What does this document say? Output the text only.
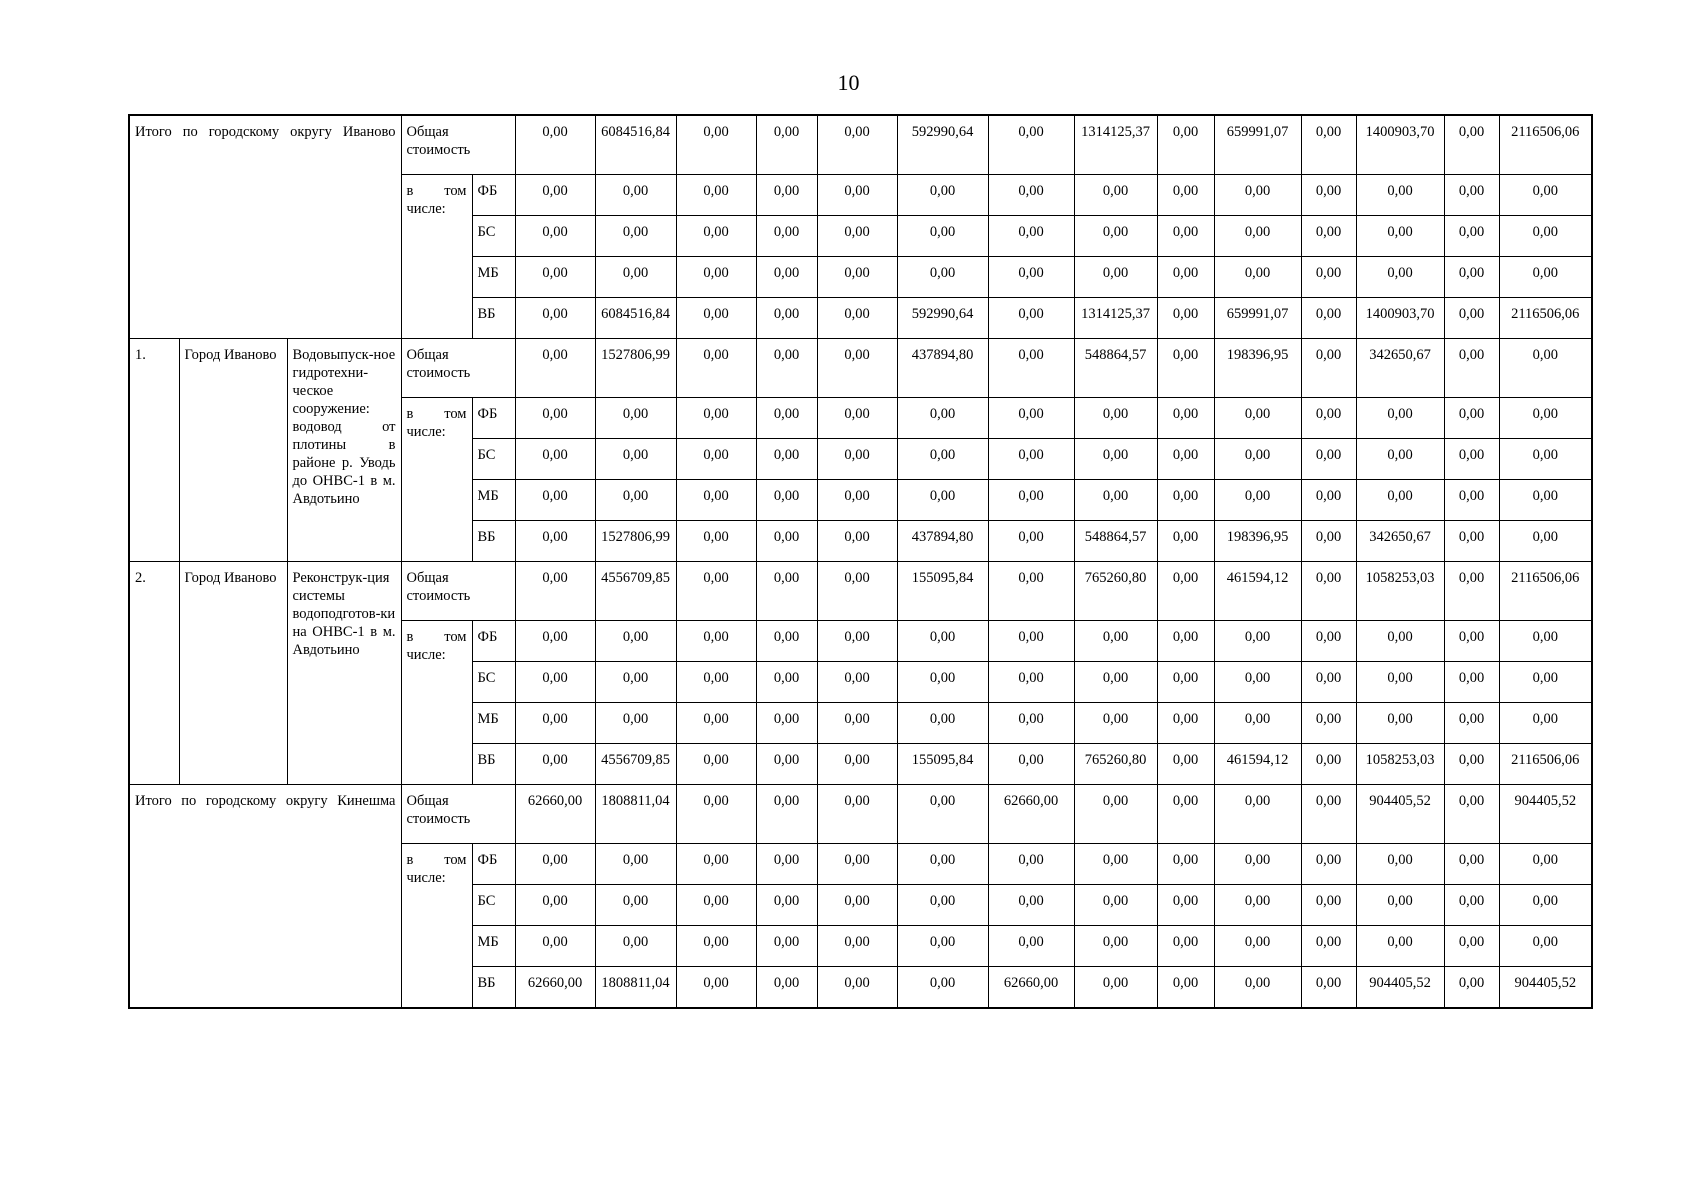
10
Итого по городскому округу Иваново			Общая стоимость		0,00	6084516,84	0,00	0,00	0,00	592990,64	0,00	1314125,37	0,00	659991,07	0,00	1400903,70	0,00	2116506,06
			в том числе:	ФБ	0,00	0,00	0,00	0,00	0,00	0,00	0,00	0,00	0,00	0,00	0,00	0,00	0,00	0,00
				БС	0,00	0,00	0,00	0,00	0,00	0,00	0,00	0,00	0,00	0,00	0,00	0,00	0,00	0,00
				МБ	0,00	0,00	0,00	0,00	0,00	0,00	0,00	0,00	0,00	0,00	0,00	0,00	0,00	0,00
				ВБ	0,00	6084516,84	0,00	0,00	0,00	592990,64	0,00	1314125,37	0,00	659991,07	0,00	1400903,70	0,00	2116506,06
1.	Город Иваново	Водовыпуск-ное гидротехни-ческое сооружение: водовод от плотины в районе р. Уводь до ОНВС-1 в м. Авдотьино	Общая стоимость		0,00	1527806,99	0,00	0,00	0,00	437894,80	0,00	548864,57	0,00	198396,95	0,00	342650,67	0,00	0,00
			в том числе:	ФБ	0,00	0,00	0,00	0,00	0,00	0,00	0,00	0,00	0,00	0,00	0,00	0,00	0,00	0,00
				БС	0,00	0,00	0,00	0,00	0,00	0,00	0,00	0,00	0,00	0,00	0,00	0,00	0,00	0,00
				МБ	0,00	0,00	0,00	0,00	0,00	0,00	0,00	0,00	0,00	0,00	0,00	0,00	0,00	0,00
				ВБ	0,00	1527806,99	0,00	0,00	0,00	437894,80	0,00	548864,57	0,00	198396,95	0,00	342650,67	0,00	0,00
2.	Город Иваново	Реконструк-ция системы водоподготов-ки на ОНВС-1 в м. Авдотьино	Общая стоимость		0,00	4556709,85	0,00	0,00	0,00	155095,84	0,00	765260,80	0,00	461594,12	0,00	1058253,03	0,00	2116506,06
			в том числе:	ФБ	0,00	0,00	0,00	0,00	0,00	0,00	0,00	0,00	0,00	0,00	0,00	0,00	0,00	0,00
				БС	0,00	0,00	0,00	0,00	0,00	0,00	0,00	0,00	0,00	0,00	0,00	0,00	0,00	0,00
				МБ	0,00	0,00	0,00	0,00	0,00	0,00	0,00	0,00	0,00	0,00	0,00	0,00	0,00	0,00
				ВБ	0,00	4556709,85	0,00	0,00	0,00	155095,84	0,00	765260,80	0,00	461594,12	0,00	1058253,03	0,00	2116506,06
Итого по городскому округу Кинешма			Общая стоимость		62660,00	1808811,04	0,00	0,00	0,00	0,00	62660,00	0,00	0,00	0,00	0,00	904405,52	0,00	904405,52
			в том числе:	ФБ	0,00	0,00	0,00	0,00	0,00	0,00	0,00	0,00	0,00	0,00	0,00	0,00	0,00	0,00
				БС	0,00	0,00	0,00	0,00	0,00	0,00	0,00	0,00	0,00	0,00	0,00	0,00	0,00	0,00
				МБ	0,00	0,00	0,00	0,00	0,00	0,00	0,00	0,00	0,00	0,00	0,00	0,00	0,00	0,00
				ВБ	62660,00	1808811,04	0,00	0,00	0,00	0,00	62660,00	0,00	0,00	0,00	0,00	904405,52	0,00	904405,52
